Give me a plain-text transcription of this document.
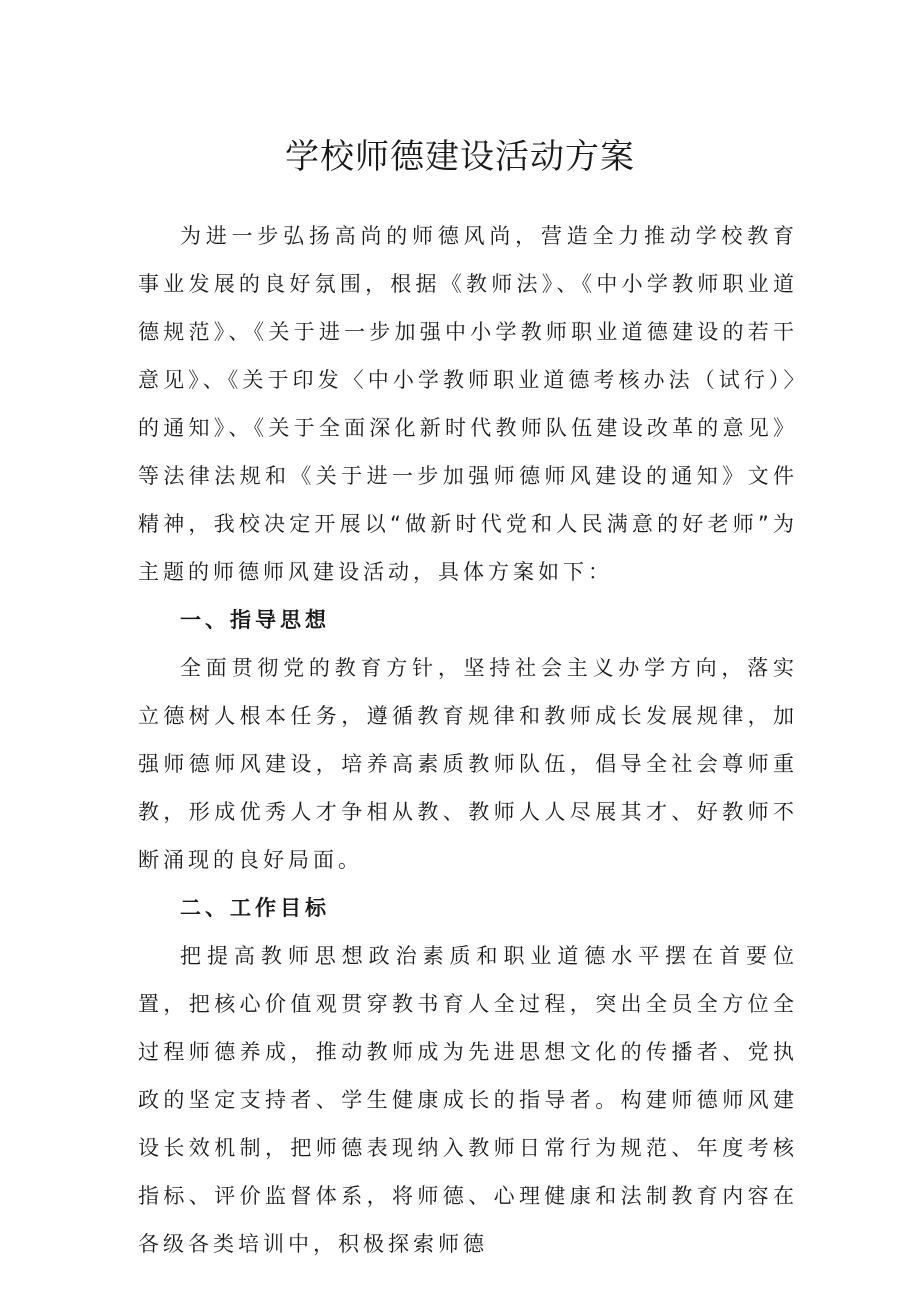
学校师德建设活动方案

为进一步弘扬高尚的师德风尚，营造全力推动学校教育事业发展的良好氛围，根据《教师法》、《中小学教师职业道德规范》、《关于进一步加强中小学教师职业道德建设的若干意见》、《关于印发〈中小学教师职业道德考核办法（试行）〉的通知》、《关于全面深化新时代教师队伍建设改革的意见》等法律法规和《关于进一步加强师德师风建设的通知》文件精神，我校决定开展以“做新时代党和人民满意的好老师”为主题的师德师风建设活动，具体方案如下：

一、指导思想

全面贯彻党的教育方针，坚持社会主义办学方向，落实立德树人根本任务，遵循教育规律和教师成长发展规律，加强师德师风建设，培养高素质教师队伍，倡导全社会尊师重教，形成优秀人才争相从教、教师人人尽展其才、好教师不断涌现的良好局面。

二、工作目标

把提高教师思想政治素质和职业道德水平摆在首要位置，把核心价值观贯穿教书育人全过程，突出全员全方位全过程师德养成，推动教师成为先进思想文化的传播者、党执政的坚定支持者、学生健康成长的指导者。构建师德师风建设长效机制，把师德表现纳入教师日常行为规范、年度考核指标、评价监督体系，将师德、心理健康和法制教育内容在各级各类培训中，积极探索师德
